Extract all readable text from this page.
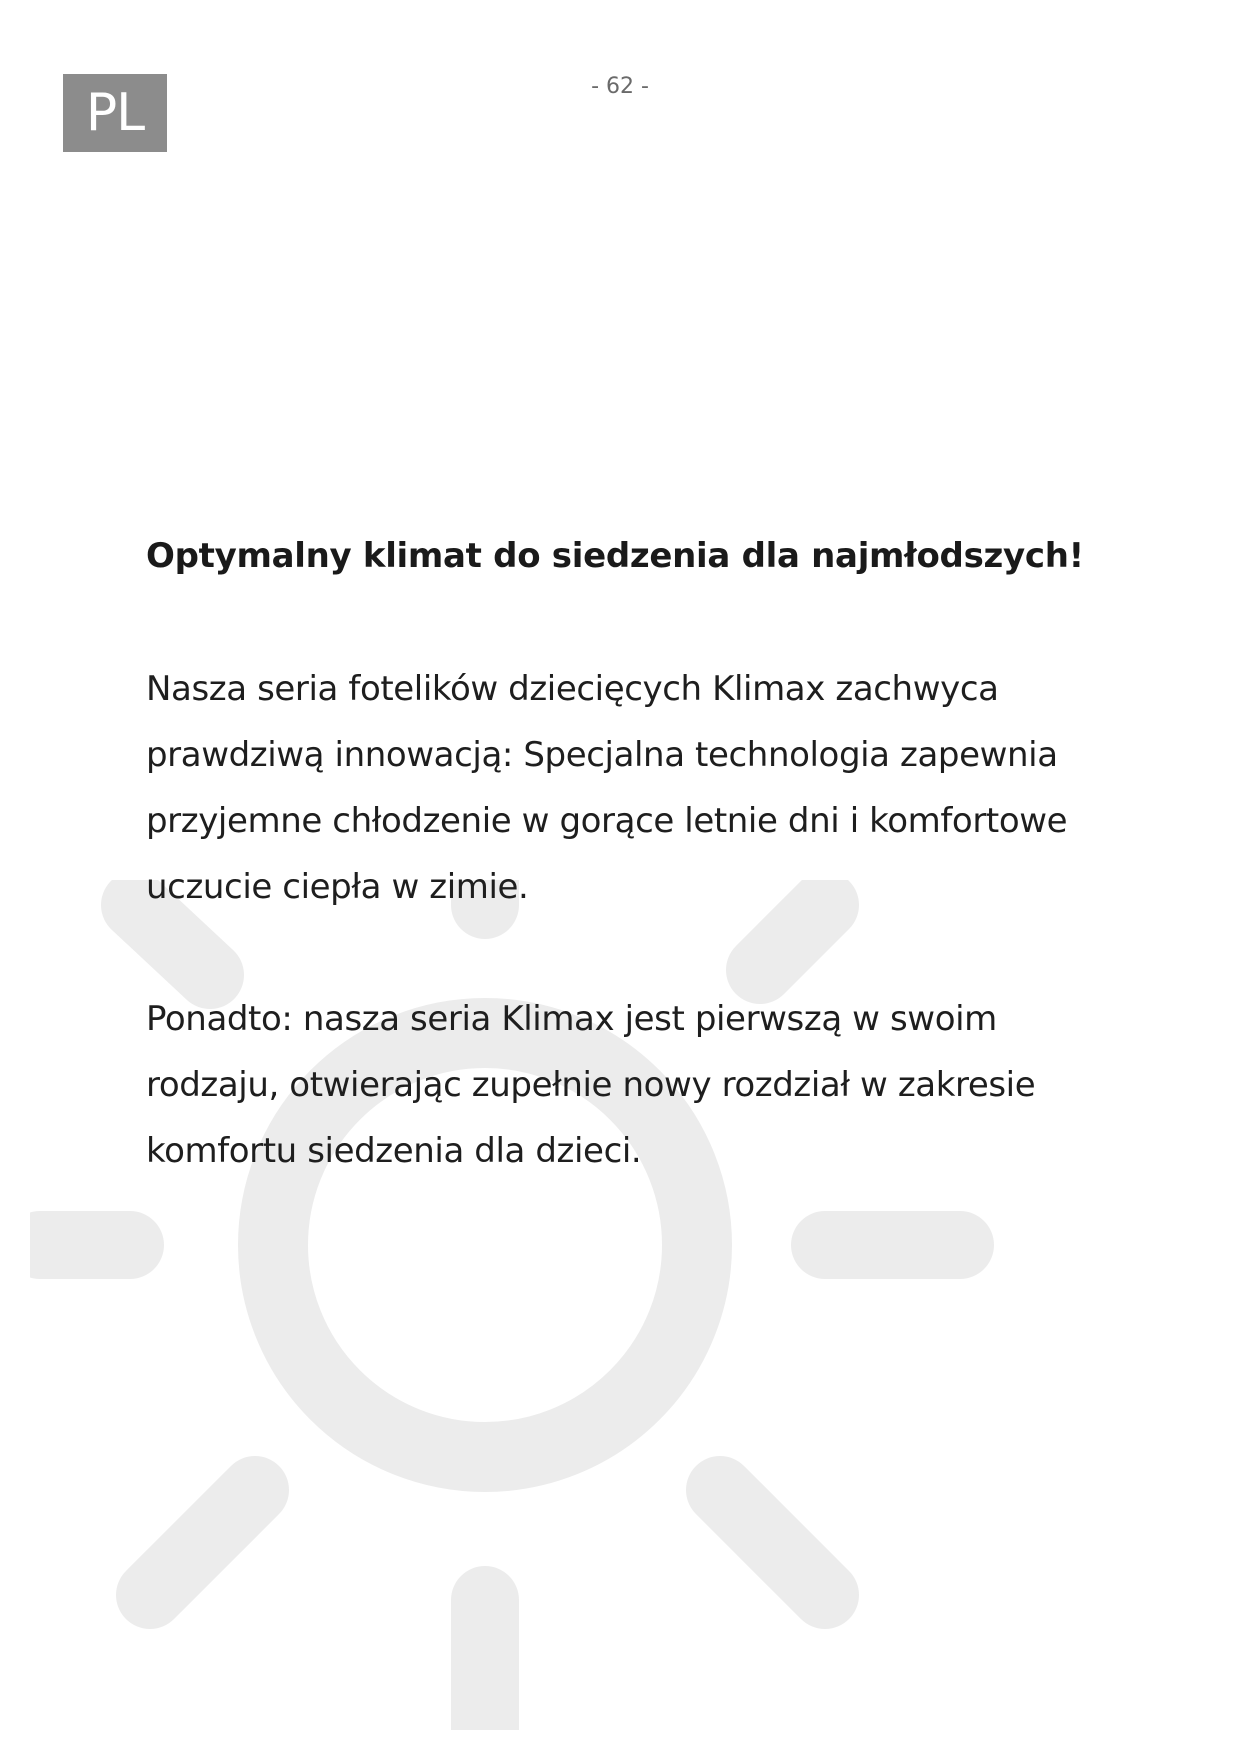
PL	- 62 -
Optymalny klimat do siedzenia dla najmłodszych!

Nasza seria fotelików dziecięcych Klimax zachwyca prawdziwą innowacją: Specjalna technologia zapewnia przyjemne chłodzenie w gorące letnie dni i komfortowe uczucie ciepła w zimie.

Ponadto: nasza seria Klimax jest pierwszą w swoim rodzaju, otwierając zupełnie nowy rozdział w zakresie komfortu siedzenia dla dzieci.
